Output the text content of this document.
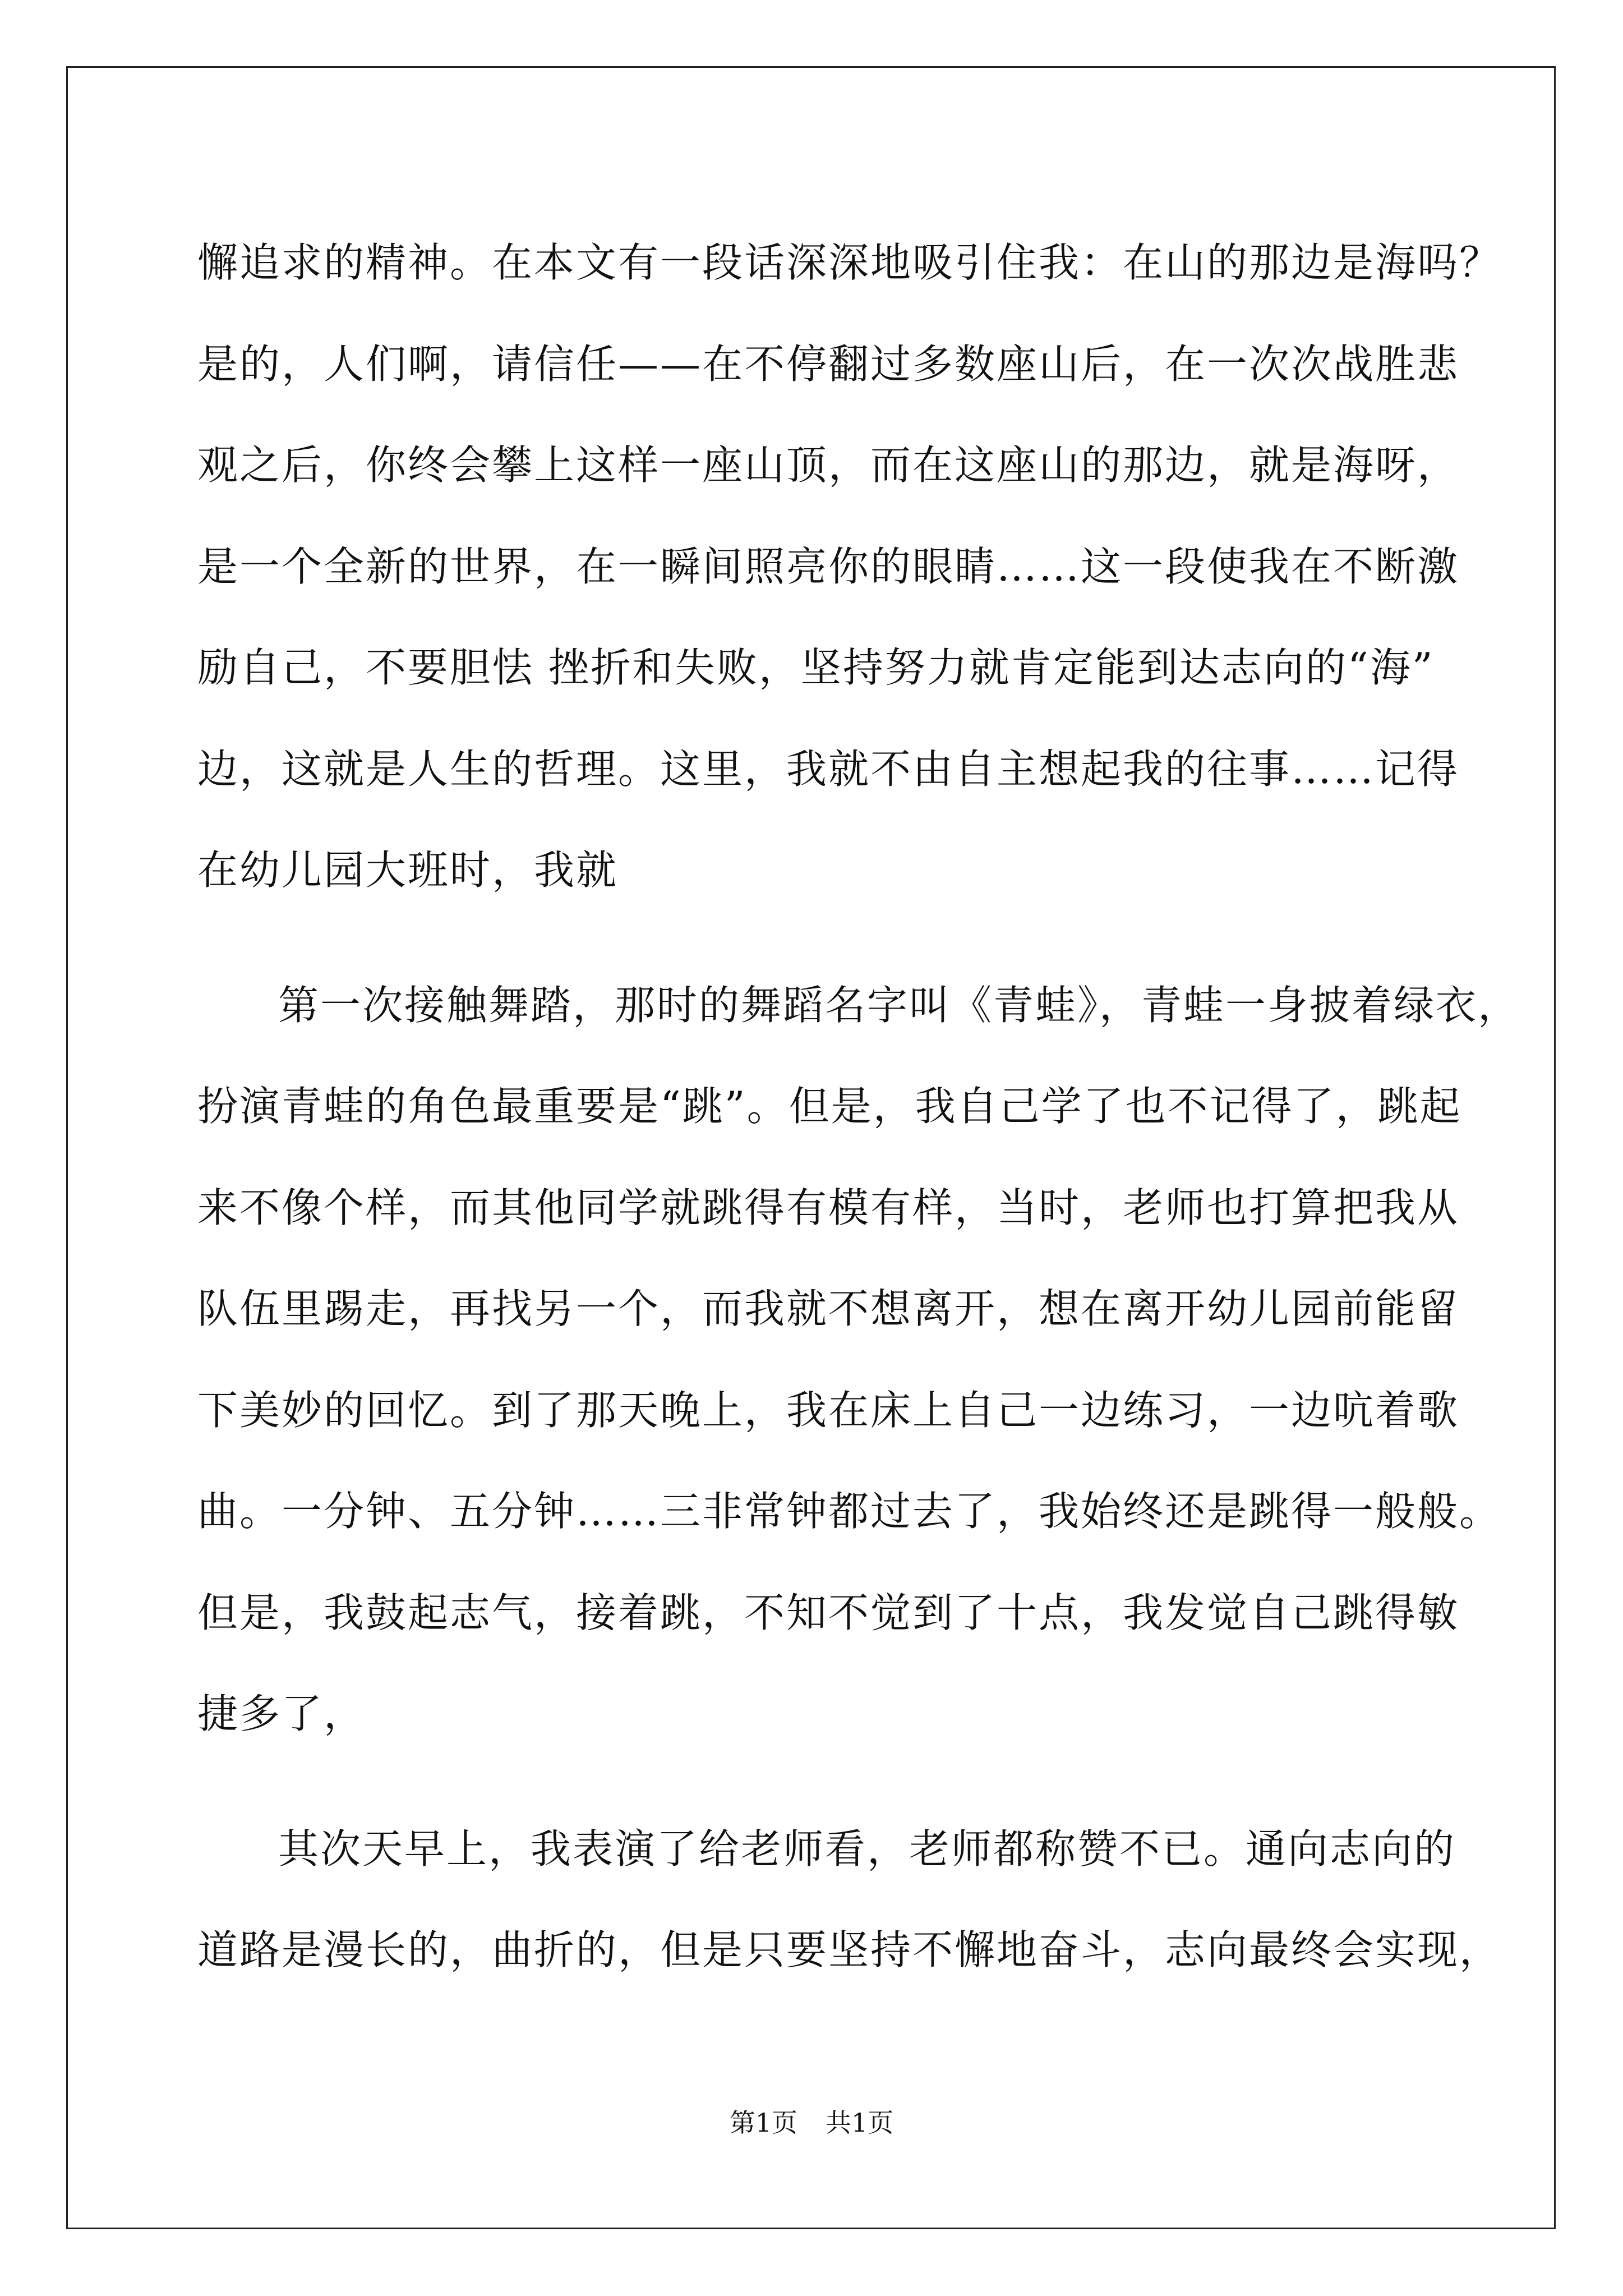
懈追求的精神。在本文有一段话深深地吸引住我：在山的那边是海吗？
是的，人们啊，请信任——在不停翻过多数座山后，在一次次战胜悲
观之后，你终会攀上这样一座山顶，而在这座山的那边，就是海呀，
是一个全新的世界，在一瞬间照亮你的眼睛……这一段使我在不断激
励自己，不要胆怯 挫折和失败，坚持努力就肯定能到达志向的“海”
边，这就是人生的哲理。这里，我就不由自主想起我的往事……记得
在幼儿园大班时，我就
第一次接触舞踏，那时的舞蹈名字叫《青蛙》，青蛙一身披着绿衣，
扮演青蛙的角色最重要是“跳”。但是，我自己学了也不记得了，跳起
来不像个样，而其他同学就跳得有模有样，当时，老师也打算把我从
队伍里踢走，再找另一个，而我就不想离开，想在离开幼儿园前能留
下美妙的回忆。到了那天晚上，我在床上自己一边练习，一边吭着歌
曲。一分钟、五分钟……三非常钟都过去了，我始终还是跳得一般般。
但是，我鼓起志气，接着跳，不知不觉到了十点，我发觉自己跳得敏
捷多了，
其次天早上，我表演了给老师看，老师都称赞不已。通向志向的
道路是漫长的，曲折的，但是只要坚持不懈地奋斗，志向最终会实现，
第1页 共1页
